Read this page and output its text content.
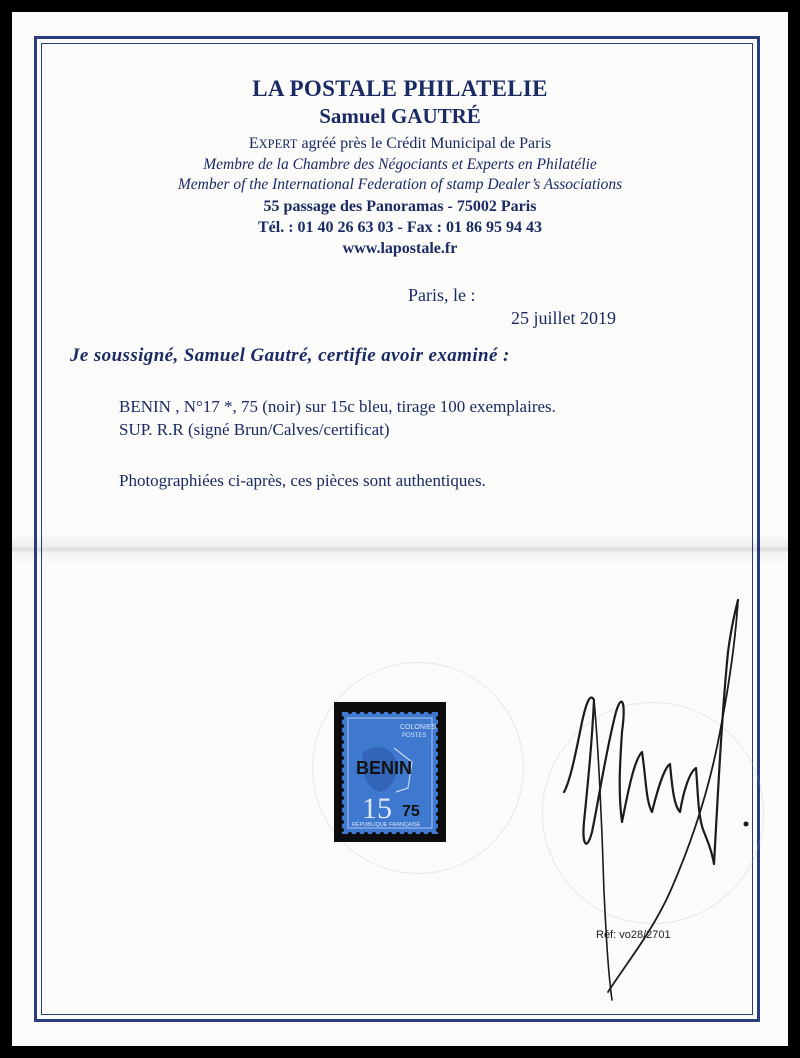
LA POSTALE PHILATELIE
Samuel GAUTRÉ
EXPERT agréé près le Crédit Municipal de Paris
Membre de la Chambre des Négociants et Experts en Philatélie
Member of the International Federation of stamp Dealer’s Associations
55 passage des Panoramas - 75002 Paris
Tél. : 01 40 26 63 03 - Fax : 01 86 95 94 43
www.lapostale.fr
Paris, le :
25 juillet 2019
Je soussigné, Samuel Gautré, certifie avoir examiné :
BENIN , N°17 *, 75 (noir) sur 15c bleu, tirage 100 exemplaires.
SUP. R.R (signé Brun/Calves/certificat)
Photographiées ci-après, ces pièces sont authentiques.
COLONIES
POSTES
BENIN
15 75
RÉPUBLIQUE FRANÇAISE
Réf: vo28/2701
